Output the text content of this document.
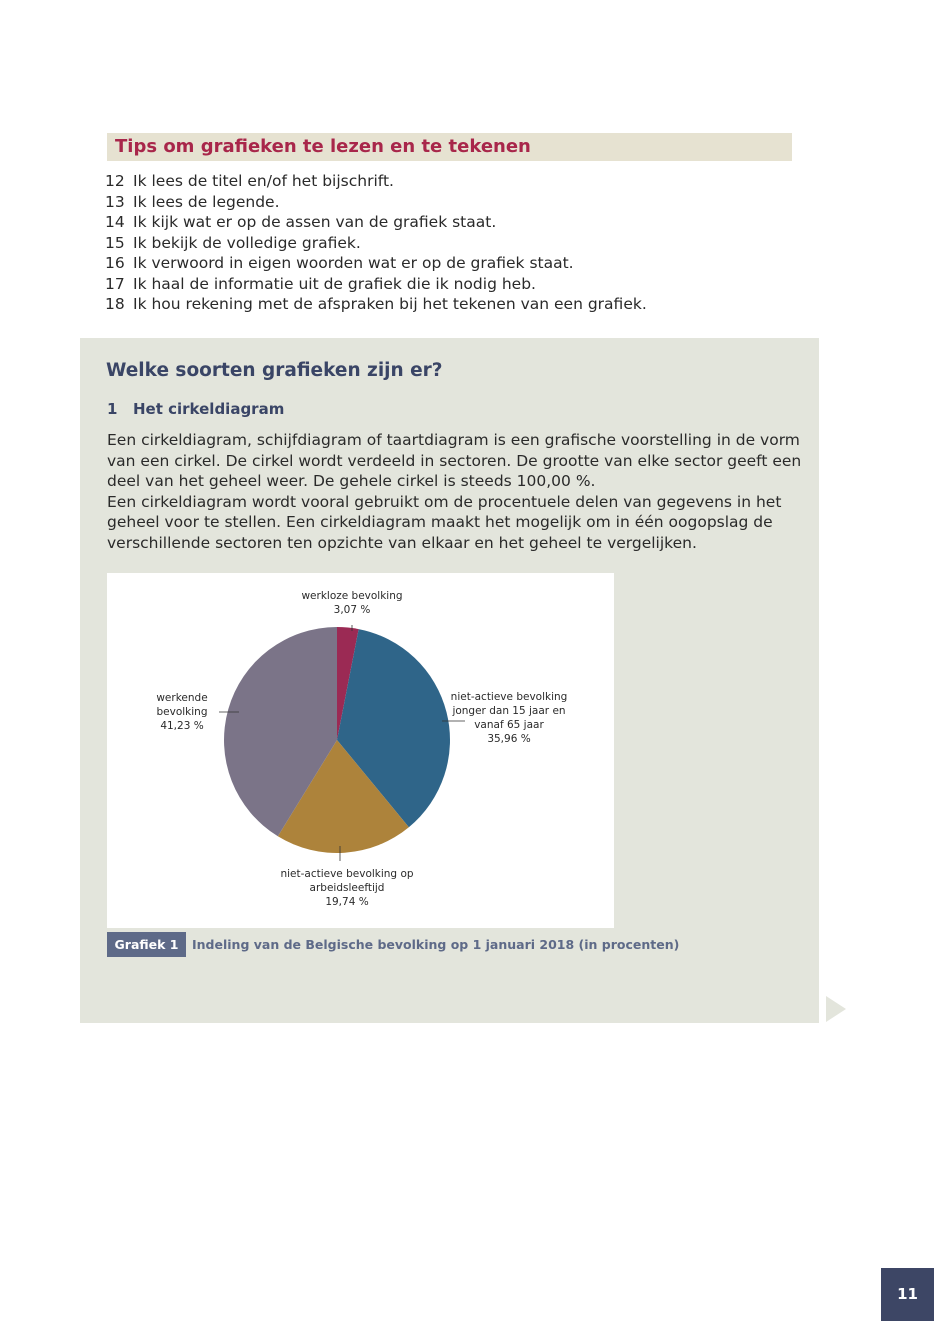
Tips om grafieken te lezen en te tekenen
12 Ik lees de titel en/of het bijschrift.
13 Ik lees de legende.
14 Ik kijk wat er op de assen van de grafiek staat.
15 Ik bekijk de volledige grafiek.
16 Ik verwoord in eigen woorden wat er op de grafiek staat.
17 Ik haal de informatie uit de grafiek die ik nodig heb.
18 Ik hou rekening met de afspraken bij het tekenen van een grafiek.
Welke soorten grafieken zijn er?
1 Het cirkeldiagram

Een cirkeldiagram, schijfdiagram of taartdiagram is een grafische voorstelling in de vorm van een cirkel. De cirkel wordt verdeeld in sectoren. De grootte van elke sector geeft een deel van het geheel weer. De gehele cirkel is steeds 100,00 %.

Een cirkeldiagram wordt vooral gebruikt om de procentuele delen van gegevens in het geheel voor te stellen. Een cirkeldiagram maakt het mogelijk om in één oogopslag de verschillende sectoren ten opzichte van elkaar en het geheel te vergelijken.

werkloze bevolking 3,07 %
niet-actieve bevolking jonger dan 15 jaar en vanaf 65 jaar 35,96 %
niet-actieve bevolking op arbeidsleeftijd 19,74 %
werkende bevolking 41,23 %
Grafiek 1	Indeling van de Belgische bevolking op 1 januari 2018 (in procenten)
11
